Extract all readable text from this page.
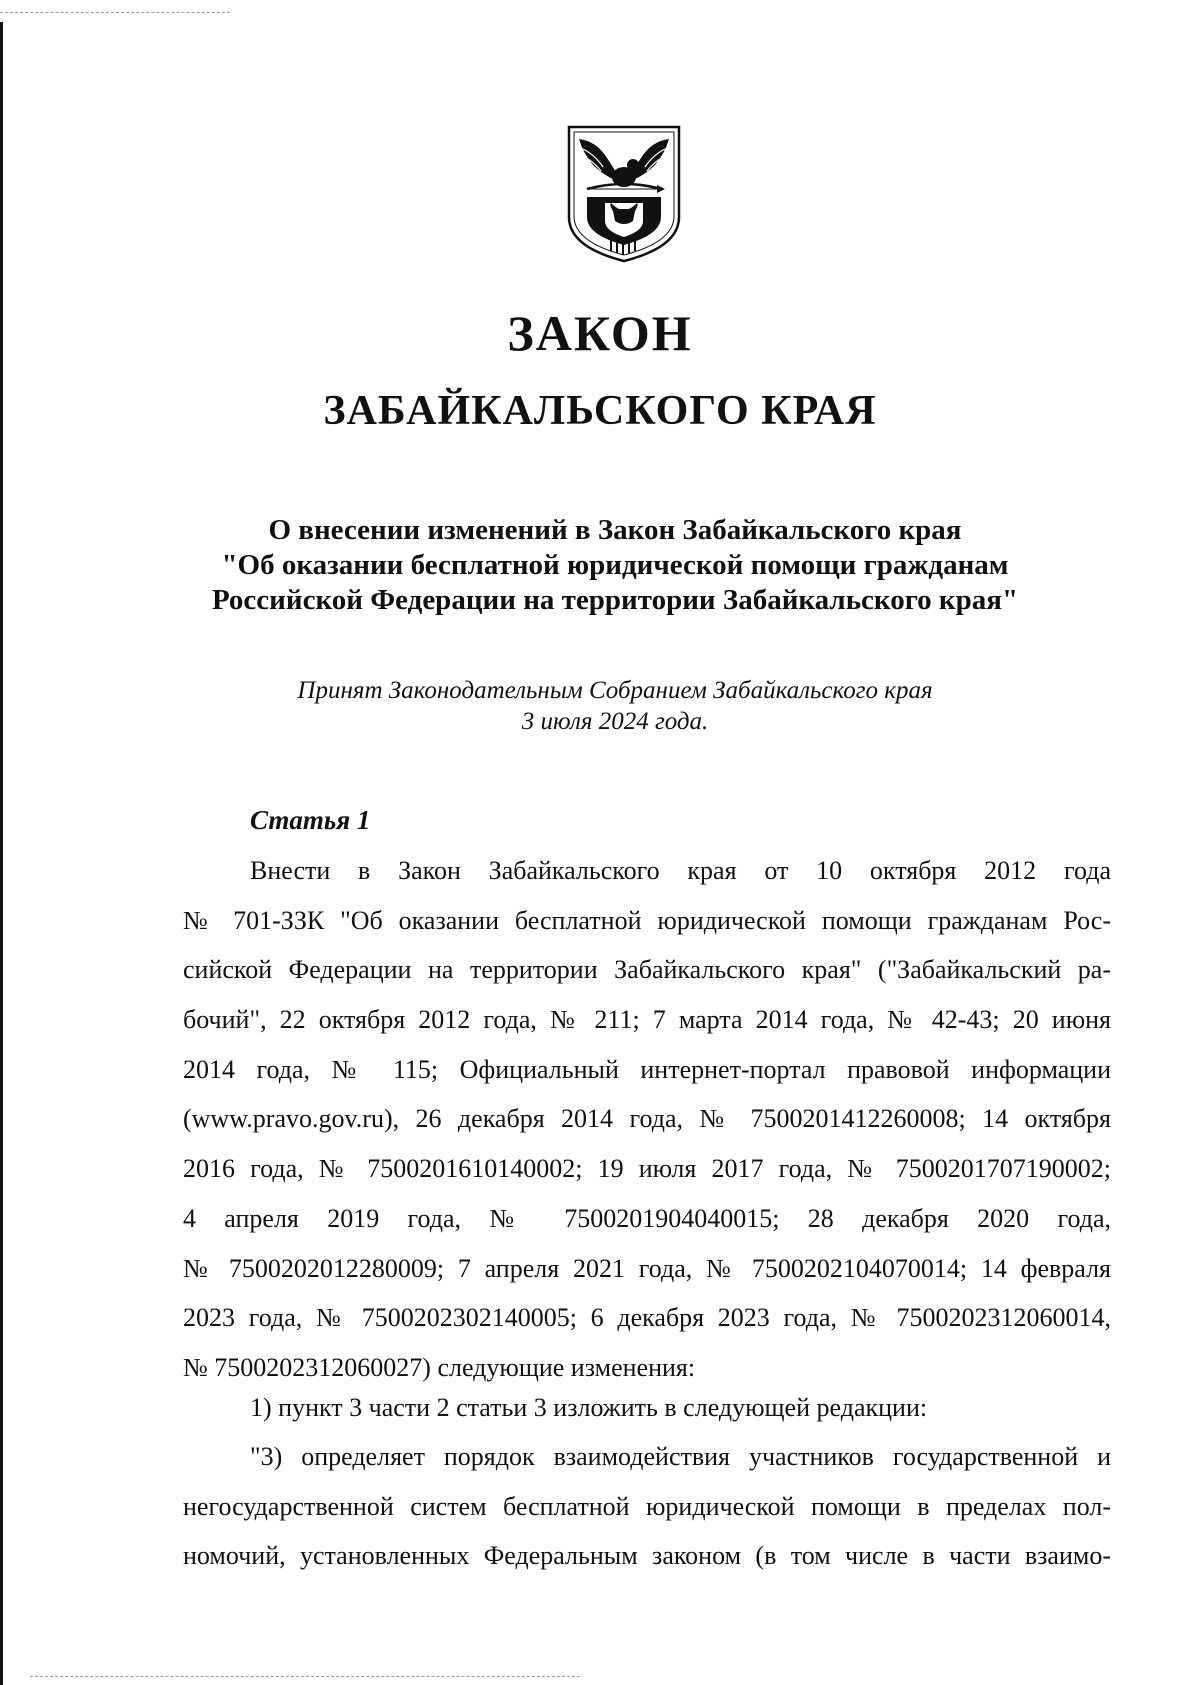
ЗАКОН
ЗАБАЙКАЛЬСКОГО КРАЯ
О внесении изменений в Закон Забайкальского края
"Об оказании бесплатной юридической помощи гражданам
Российской Федерации на территории Забайкальского края"
Принят Законодательным Собранием Забайкальского края
3 июля 2024 года.
Статья 1
Внести в Закон Забайкальского края от 10 октября 2012 года
№ 701-ЗЗК "Об оказании бесплатной юридической помощи гражданам Рос-
сийской Федерации на территории Забайкальского края" ("Забайкальский ра-
бочий", 22 октября 2012 года, № 211; 7 марта 2014 года, № 42-43; 20 июня
2014 года, № 115; Официальный интернет-портал правовой информации
(www.pravo.gov.ru), 26 декабря 2014 года, № 7500201412260008; 14 октября
2016 года, № 7500201610140002; 19 июля 2017 года, № 7500201707190002;
4 апреля 2019 года, № 7500201904040015; 28 декабря 2020 года,
№ 7500202012280009; 7 апреля 2021 года, № 7500202104070014; 14 февраля
2023 года, № 7500202302140005; 6 декабря 2023 года, № 7500202312060014,
№ 7500202312060027) следующие изменения:
1) пункт 3 части 2 статьи 3 изложить в следующей редакции:
"3) определяет порядок взаимодействия участников государственной и
негосударственной систем бесплатной юридической помощи в пределах пол-
номочий, установленных Федеральным законом (в том числе в части взаимо-
